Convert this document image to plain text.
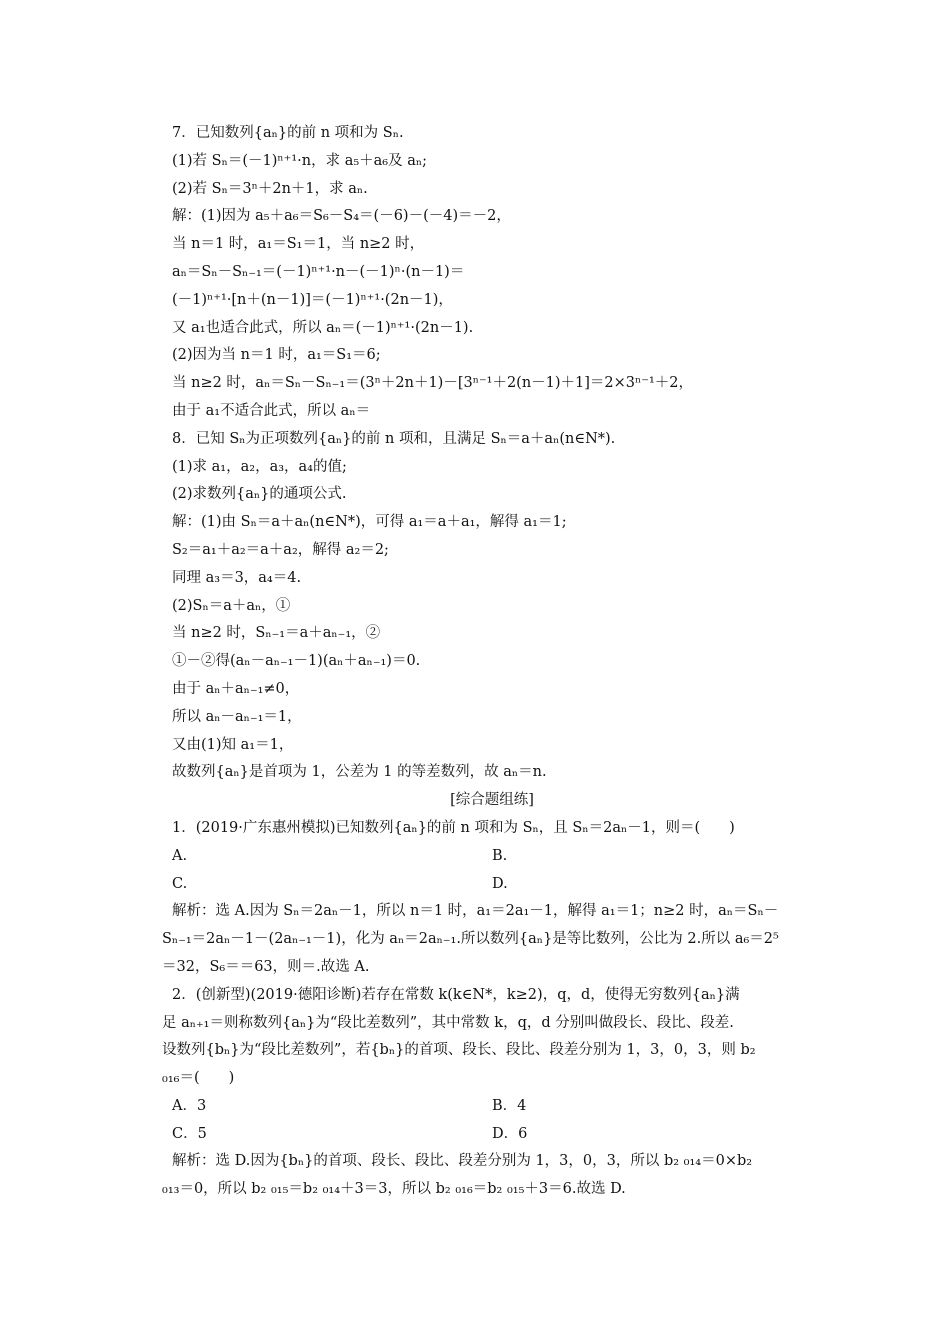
7．已知数列{aₙ}的前 n 项和为 Sₙ.
(1)若 Sₙ＝(－1)ⁿ⁺¹·n，求 a₅＋a₆及 aₙ;
(2)若 Sₙ＝3ⁿ＋2n＋1，求 aₙ.
解：(1)因为 a₅＋a₆＝S₆－S₄＝(－6)－(－4)＝－2，
当 n＝1 时，a₁＝S₁＝1，当 n≥2 时，
aₙ＝Sₙ－Sₙ₋₁＝(－1)ⁿ⁺¹·n－(－1)ⁿ·(n－1)＝
(－1)ⁿ⁺¹·[n＋(n－1)]＝(－1)ⁿ⁺¹·(2n－1)，
又 a₁也适合此式，所以 aₙ＝(－1)ⁿ⁺¹·(2n－1).
(2)因为当 n＝1 时，a₁＝S₁＝6;
当 n≥2 时，aₙ＝Sₙ－Sₙ₋₁＝(3ⁿ＋2n＋1)－[3ⁿ⁻¹＋2(n－1)＋1]＝2×3ⁿ⁻¹＋2，
由于 a₁不适合此式，所以 aₙ＝
8．已知 Sₙ为正项数列{aₙ}的前 n 项和，且满足 Sₙ＝a＋aₙ(n∈N*).
(1)求 a₁，a₂，a₃，a₄的值;
(2)求数列{aₙ}的通项公式.
解：(1)由 Sₙ＝a＋aₙ(n∈N*)，可得 a₁＝a＋a₁，解得 a₁＝1;
S₂＝a₁＋a₂＝a＋a₂，解得 a₂＝2;
同理 a₃＝3，a₄＝4.
(2)Sₙ＝a＋aₙ，①
当 n≥2 时，Sₙ₋₁＝a＋aₙ₋₁，②
①－②得(aₙ－aₙ₋₁－1)(aₙ＋aₙ₋₁)＝0.
由于 aₙ＋aₙ₋₁≠0，
所以 aₙ－aₙ₋₁＝1，
又由(1)知 a₁＝1，
故数列{aₙ}是首项为 1，公差为 1 的等差数列，故 aₙ＝n.
[综合题组练]
1．(2019·广东惠州模拟)已知数列{aₙ}的前 n 项和为 Sₙ，且 Sₙ＝2aₙ－1，则＝(　　)
A.	B.
C.	D.
解析：选 A.因为 Sₙ＝2aₙ－1，所以 n＝1 时，a₁＝2a₁－1，解得 a₁＝1；n≥2 时，aₙ＝Sₙ－
Sₙ₋₁＝2aₙ－1－(2aₙ₋₁－1)，化为 aₙ＝2aₙ₋₁.所以数列{aₙ}是等比数列，公比为 2.所以 a₆＝2⁵
＝32，S₆＝＝63，则＝.故选 A.
2．(创新型)(2019·德阳诊断)若存在常数 k(k∈N*，k≥2)，q，d，使得无穷数列{aₙ}满
足 aₙ₊₁＝则称数列{aₙ}为“段比差数列”，其中常数 k，q，d 分别叫做段长、段比、段差.
设数列{bₙ}为“段比差数列”，若{bₙ}的首项、段长、段比、段差分别为 1，3，0，3，则 b₂
₀₁₆＝(　　)
A．3	B．4
C．5	D．6
解析：选 D.因为{bₙ}的首项、段长、段比、段差分别为 1，3，0，3，所以 b₂ ₀₁₄＝0×b₂
₀₁₃＝0，所以 b₂ ₀₁₅＝b₂ ₀₁₄＋3＝3，所以 b₂ ₀₁₆＝b₂ ₀₁₅＋3＝6.故选 D.
